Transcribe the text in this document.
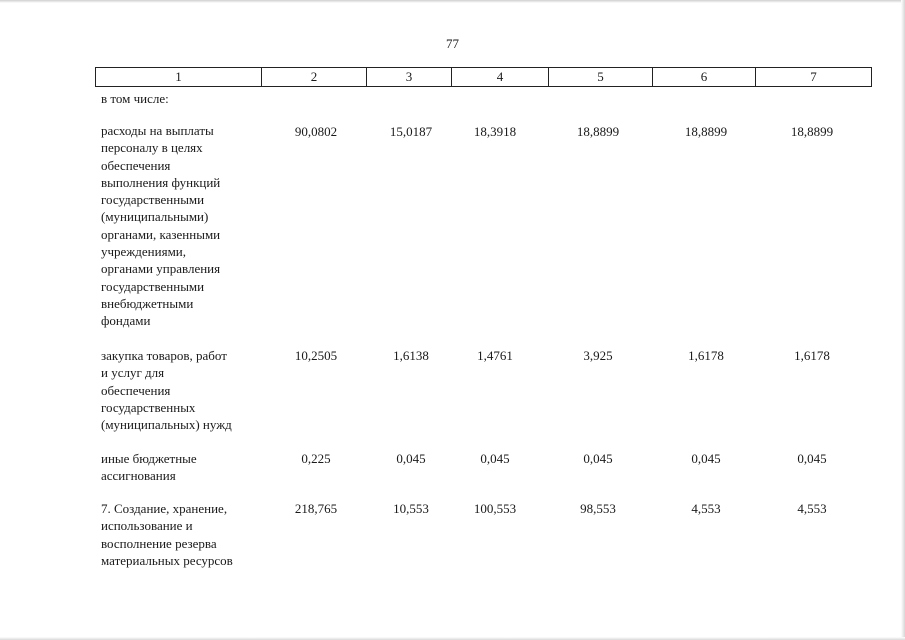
77
1	2	3	4	5	6	7
в том числе:
расходы на выплаты
персоналу в целях
обеспечения
выполнения функций
государственными
(муниципальными)
органами, казенными
учреждениями,
органами управления
государственными
внебюджетными
фондами
90,0802	15,0187	18,3918	18,8899	18,8899	18,8899
закупка товаров, работ
и услуг для
обеспечения
государственных
(муниципальных) нужд
10,2505	1,6138	1,4761	3,925	1,6178	1,6178
иные бюджетные
ассигнования
0,225	0,045	0,045	0,045	0,045	0,045
7. Создание, хранение,
использование и
восполнение резерва
материальных ресурсов
218,765	10,553	100,553	98,553	4,553	4,553
